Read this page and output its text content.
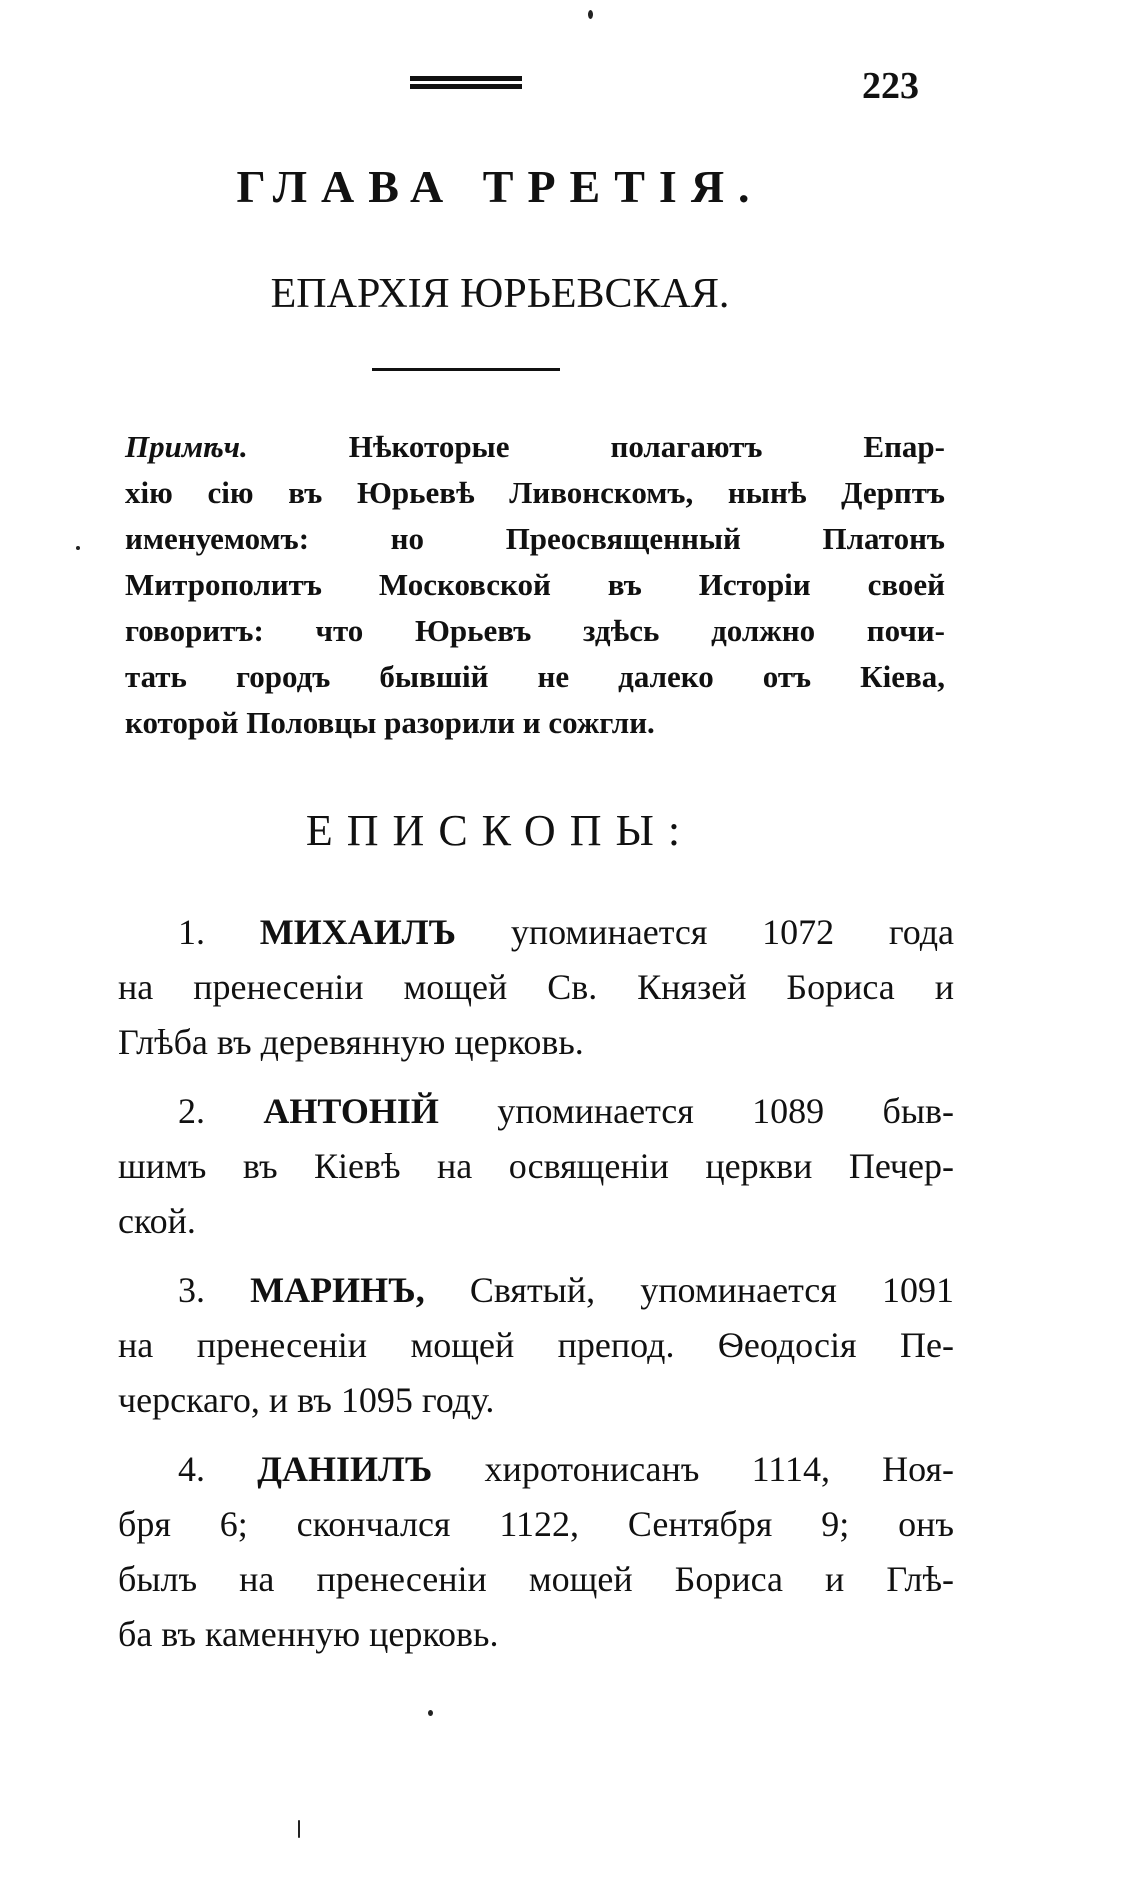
223
ГЛАВА ТРЕТІЯ.
ЕПАРХІЯ ЮРЬЕВСКАЯ.
Примѣч. Нѣкоторые полагаютъ Епар-
хію сію въ Юрьевѣ Ливонскомъ, нынѣ Дерптъ
именуемомъ: но Преосвященный Платонъ
Митрополитъ Московской въ Исторіи своей
говоритъ: что Юрьевъ здѣсь должно почи-
тать городъ бывшій не далеко отъ Кіева,
которой Половцы разорили и сожгли.
ЕПИСКОПЫ:
1. МИХАИЛЪ упоминается 1072 года
на пренесеніи мощей Св. Князей Бориса и
Глѣба въ деревянную церковь.
2. АНТОНІЙ упоминается 1089 быв-
шимъ въ Кіевѣ на освященіи церкви Печер-
ской.
3. МАРИНЪ, Святый, упоминается 1091
на пренесеніи мощей препод. Ѳеодосія Пе-
черскаго, и въ 1095 году.
4. ДАНІИЛЪ хиротонисанъ 1114, Ноя-
бря 6; скончался 1122, Сентября 9; онъ
былъ на пренесеніи мощей Бориса и Глѣ-
ба въ каменную церковь.
